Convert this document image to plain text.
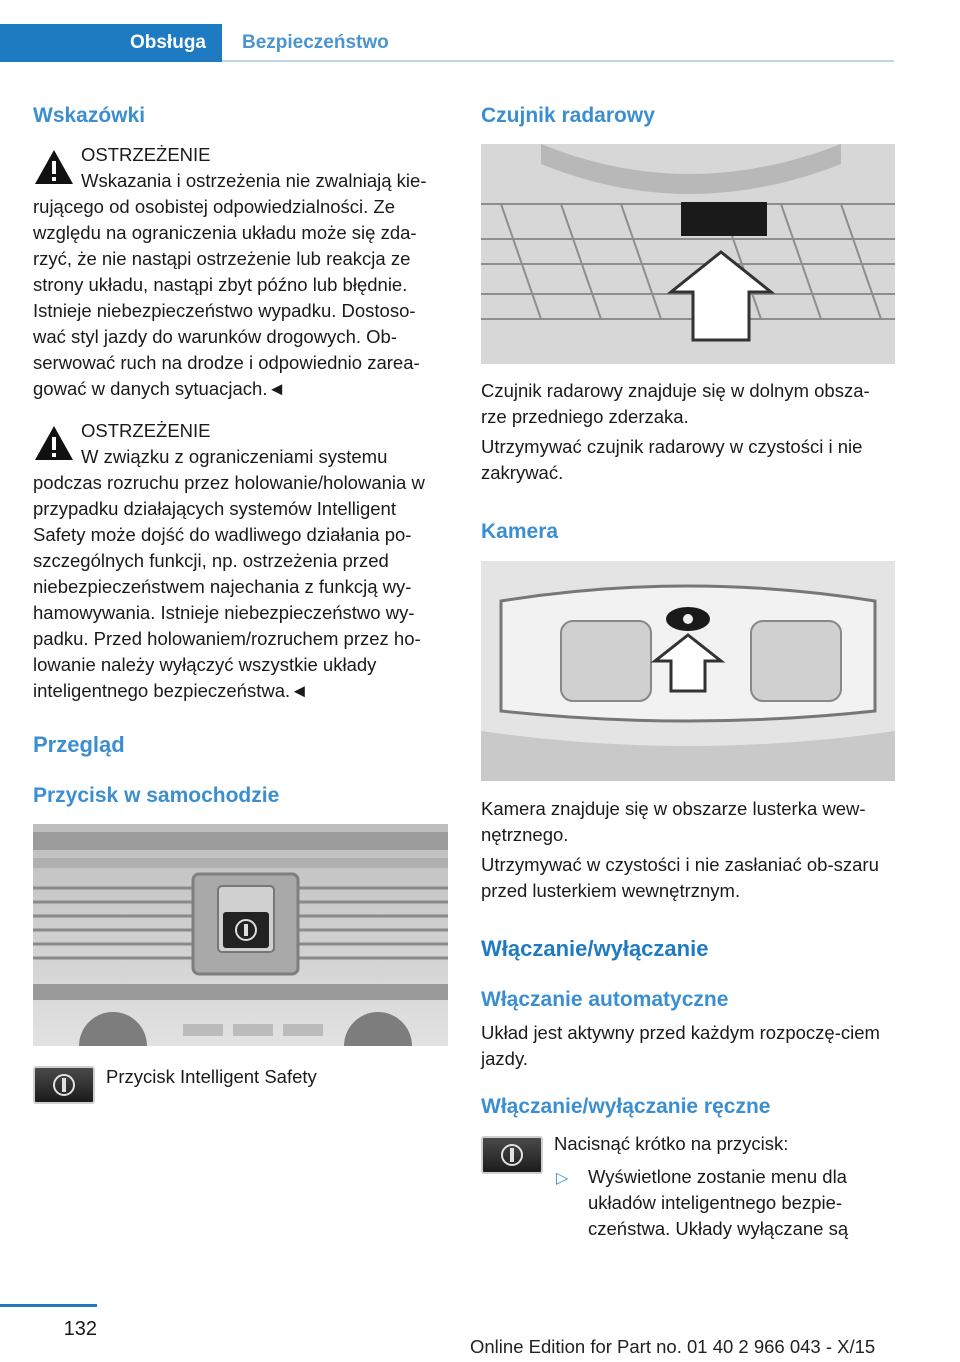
Obsługa	Bezpieczeństwo
Wskazówki
OSTRZEŻENIE

Wskazania i ostrzeżenia nie zwalniają kie-rującego od osobistej odpowiedzialności. Ze względu na ograniczenia układu może się zda-rzyć, że nie nastąpi ostrzeżenie lub reakcja ze strony układu, nastąpi zbyt późno lub błędnie. Istnieje niebezpieczeństwo wypadku. Dostoso-wać styl jazdy do warunków drogowych. Ob-serwować ruch na drodze i odpowiednio zarea-gować w danych sytuacjach.◄

OSTRZEŻENIE

W związku z ograniczeniami systemu podczas rozruchu przez holowanie/holowania w przypadku działających systemów Intelligent Safety może dojść do wadliwego działania po-szczególnych funkcji, np. ostrzeżenia przed niebezpieczeństwem najechania z funkcją wy-hamowywania. Istnieje niebezpieczeństwo wy-padku. Przed holowaniem/rozruchem przez ho-lowanie należy wyłączyć wszystkie układy inteligentnego bezpieczeństwa.◄

Przegląd
Przycisk w samochodzie
Przycisk Intelligent Safety
Czujnik radarowy

Czujnik radarowy znajduje się w dolnym obsza-rze przedniego zderzaka.

Utrzymywać czujnik radarowy w czystości i nie zakrywać.

Kamera

Kamera znajduje się w obszarze lusterka wew-nętrznego.

Utrzymywać w czystości i nie zasłaniać ob-szaru przed lusterkiem wewnętrznym.

Włączanie/wyłączanie
Włączanie automatyczne

Układ jest aktywny przed każdym rozpoczę-ciem jazdy.

Włączanie/wyłączanie ręczne

Nacisnąć krótko na przycisk:

▷ Wyświetlone zostanie menu dla układów inteligentnego bezpie-czeństwa. Układy wyłączane są

132
Online Edition for Part no. 01 40 2 966 043 - X/15
